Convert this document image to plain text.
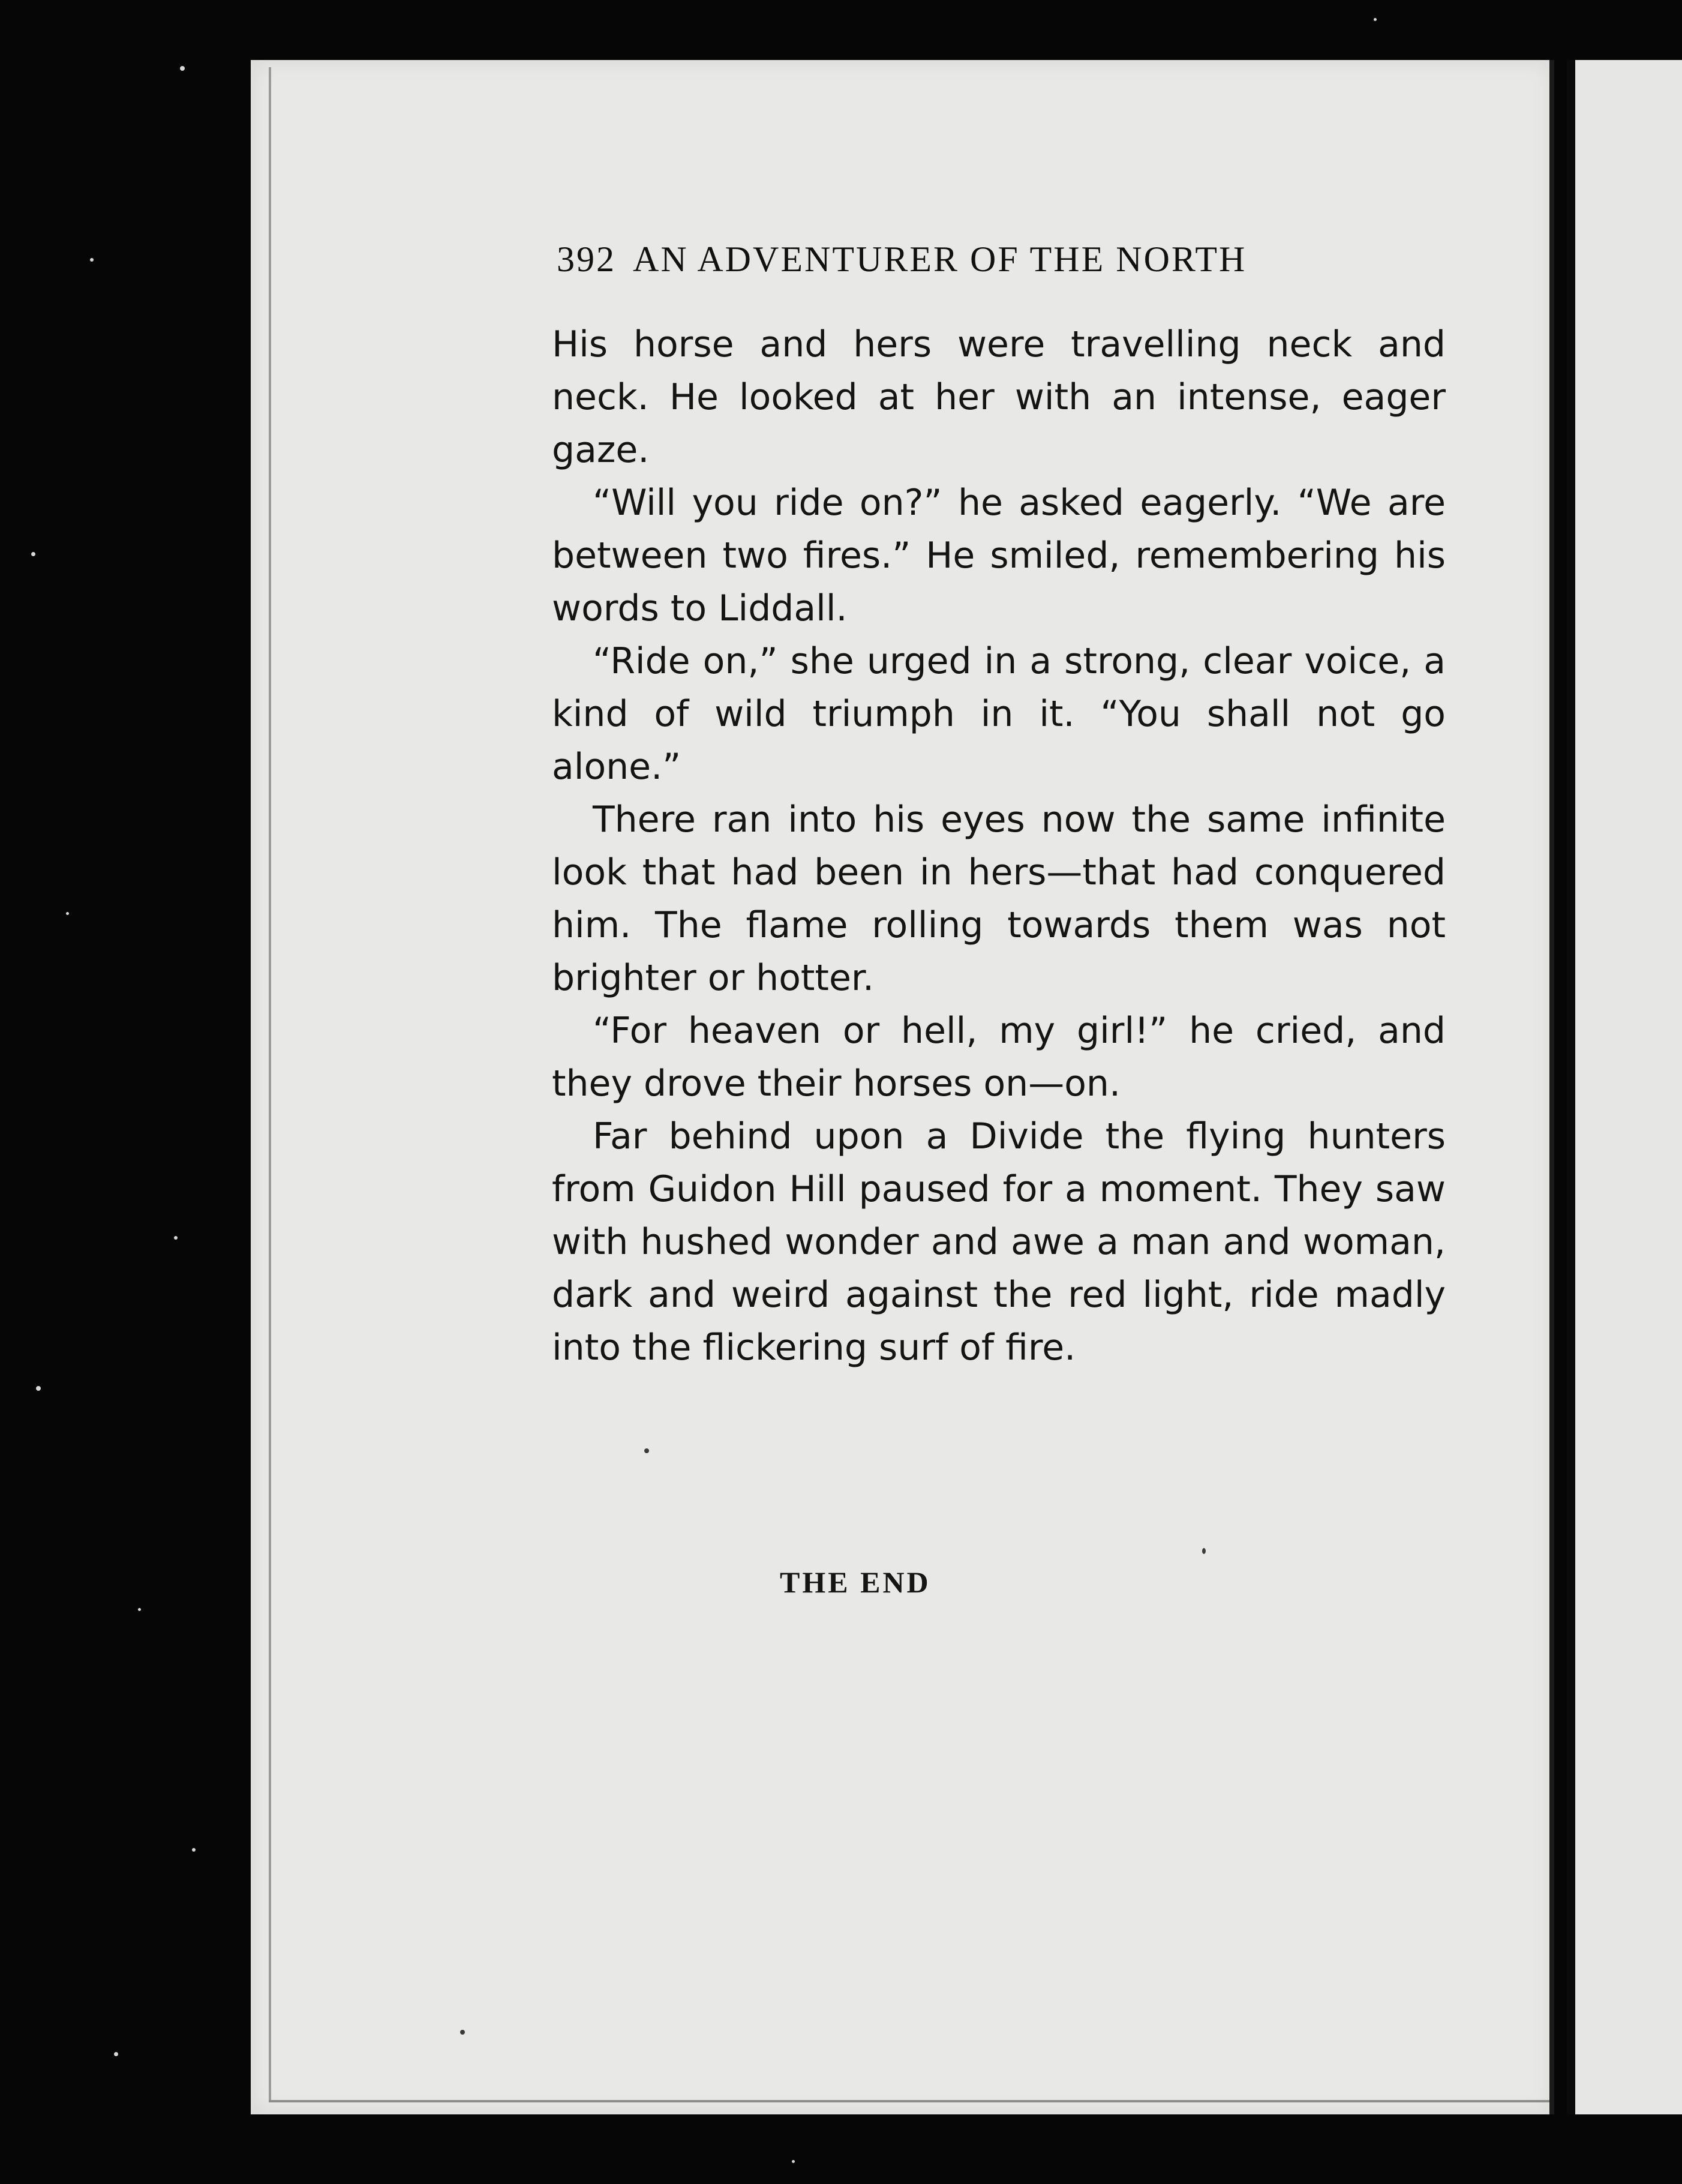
392 AN ADVENTURER OF THE NORTH

His horse and hers were travelling neck and neck. He looked at her with an intense, eager gaze.

“Will you ride on?” he asked eagerly. “We are between two fires.” He smiled, remembering his words to Liddall.

“Ride on,” she urged in a strong, clear voice, a kind of wild triumph in it. “You shall not go alone.”

There ran into his eyes now the same infinite look that had been in hers—that had conquered him. The flame rolling towards them was not brighter or hotter.

“For heaven or hell, my girl!” he cried, and they drove their horses on—on.

Far behind upon a Divide the flying hunters from Guidon Hill paused for a moment. They saw with hushed wonder and awe a man and woman, dark and weird against the red light, ride madly into the flickering surf of fire.

THE END
